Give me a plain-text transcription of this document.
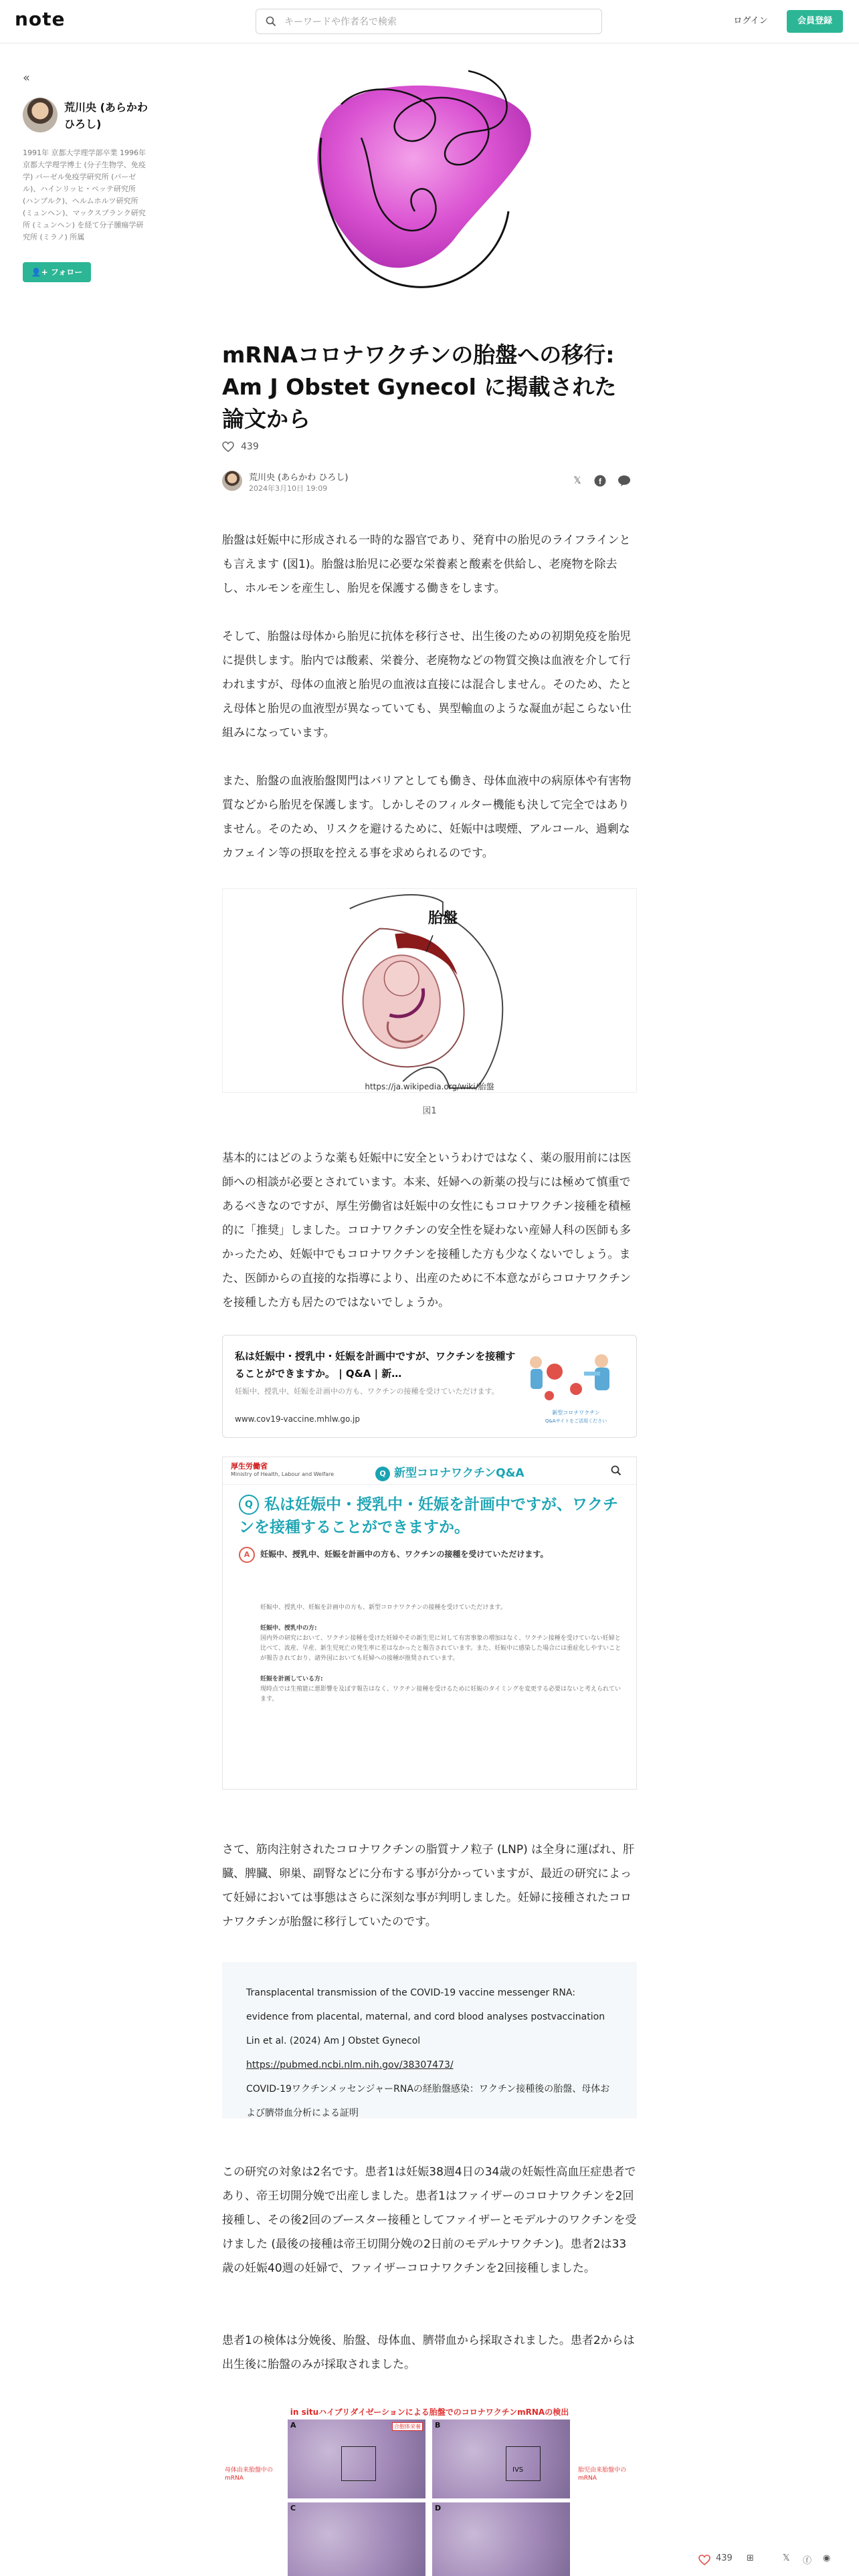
note
キーワードや作者名で検索	ログイン	会員登録
«
荒川央 (あらかわ ひろし)
1991年 京都大学理学部卒業 1996年 京都大学理学博士 (分子生物学、免疫学) バーゼル免疫学研究所 (バーゼル)、ハインリッヒ・ペッテ研究所 (ハンブルク)、ヘルムホルツ研究所 (ミュンヘン)、マックスプランク研究所 (ミュンヘン) を経て分子腫瘍学研究所 (ミラノ) 所属
👤+ フォロー
mRNAコロナワクチンの胎盤への移行: Am J Obstet Gynecol に掲載された論文から
439
荒川央 (あらかわ ひろし)
2024年3月10日 19:09
𝕏	f

胎盤は妊娠中に形成される一時的な器官であり、発育中の胎児のライフラインとも言えます (図1)。胎盤は胎児に必要な栄養素と酸素を供給し、老廃物を除去し、ホルモンを産生し、胎児を保護する働きをします。

そして、胎盤は母体から胎児に抗体を移行させ、出生後のための初期免疫を胎児に提供します。胎内では酸素、栄養分、老廃物などの物質交換は血液を介して行われますが、母体の血液と胎児の血液は直接には混合しません。そのため、たとえ母体と胎児の血液型が異なっていても、異型輸血のような凝血が起こらない仕組みになっています。

また、胎盤の血液胎盤関門はバリアとしても働き、母体血液中の病原体や有害物質などから胎児を保護します。しかしそのフィルター機能も決して完全ではありません。そのため、リスクを避けるために、妊娠中は喫煙、アルコール、過剰なカフェイン等の摂取を控える事を求められるのです。

胎盤
https://ja.wikipedia.org/wiki/胎盤
図1

基本的にはどのような薬も妊娠中に安全というわけではなく、薬の服用前には医師への相談が必要とされています。本来、妊婦への新薬の投与には極めて慎重であるべきなのですが、厚生労働省は妊娠中の女性にもコロナワクチン接種を積極的に「推奨」しました。コロナワクチンの安全性を疑わない産婦人科の医師も多かったため、妊娠中でもコロナワクチンを接種した方も少なくないでしょう。また、医師からの直接的な指導により、出産のために不本意ながらコロナワクチンを接種した方も居たのではないでしょうか。

私は妊娠中・授乳中・妊娠を計画中ですが、ワクチンを接種することができますか。 | Q&A | 新…
妊娠中、授乳中、妊娠を計画中の方も、ワクチンの接種を受けていただけます。
www.cov19-vaccine.mhlw.go.jp
新型コロナワクチン
Q&Aサイトをご活用ください
厚生労働省
Ministry of Health, Labour and Welfare	Q 新型コロナワクチンQ&A
Q 私は妊娠中・授乳中・妊娠を計画中ですが、ワクチンを接種することができますか。
A 妊娠中、授乳中、妊娠を計画中の方も、ワクチンの接種を受けていただけます。
妊娠中、授乳中、妊娠を計画中の方も、新型コロナワクチンの接種を受けていただけます。
妊娠中、授乳中の方:
国内外の研究において、ワクチン接種を受けた妊婦やその新生児に対して有害事象の増加はなく、ワクチン接種を受けていない妊婦と比べて、流産、早産、新生児死亡の発生率に差はなかったと報告されています。また、妊娠中に感染した場合には重症化しやすいことが報告されており、諸外国においても妊婦への接種が推奨されています。
妊娠を計画している方:
現時点では生殖能に悪影響を及ぼす報告はなく、ワクチン接種を受けるために妊娠のタイミングを変更する必要はないと考えられています。

さて、筋肉注射されたコロナワクチンの脂質ナノ粒子 (LNP) は全身に運ばれ、肝臓、脾臓、卵巣、副腎などに分布する事が分かっていますが、最近の研究によって妊婦においては事態はさらに深刻な事が判明しました。妊婦に接種されたコロナワクチンが胎盤に移行していたのです。

Transplacental transmission of the COVID-19 vaccine messenger RNA: evidence from placental, maternal, and cord blood analyses postvaccination Lin et al. (2024) Am J Obstet Gynecol
https://pubmed.ncbi.nlm.nih.gov/38307473/
COVID-19ワクチンメッセンジャーRNAの経胎盤感染：ワクチン接種後の胎盤、母体および臍帯血分析による証明

この研究の対象は2名です。患者1は妊娠38週4日の34歳の妊娠性高血圧症患者であり、帝王切開分娩で出産しました。患者1はファイザーのコロナワクチンを2回接種し、その後2回のブースター接種としてファイザーとモデルナのワクチンを受けました (最後の接種は帝王切開分娩の2日前のモデルナワクチン)。患者2は33歳の妊娠40週の妊婦で、ファイザーコロナワクチンを2回接種しました。

患者1の検体は分娩後、胎盤、母体血、臍帯血から採取されました。患者2からは出生後に胎盤のみが採取されました。

in situハイブリダイゼーションによる胎盤でのコロナワクチンmRNAの検出
A	合胞体栄養 B
IVS
C	D
母体由来胎盤中のmRNA
胎児由来胎盤中のmRNA
439 ⊞	𝕏 ⓕ ◉
